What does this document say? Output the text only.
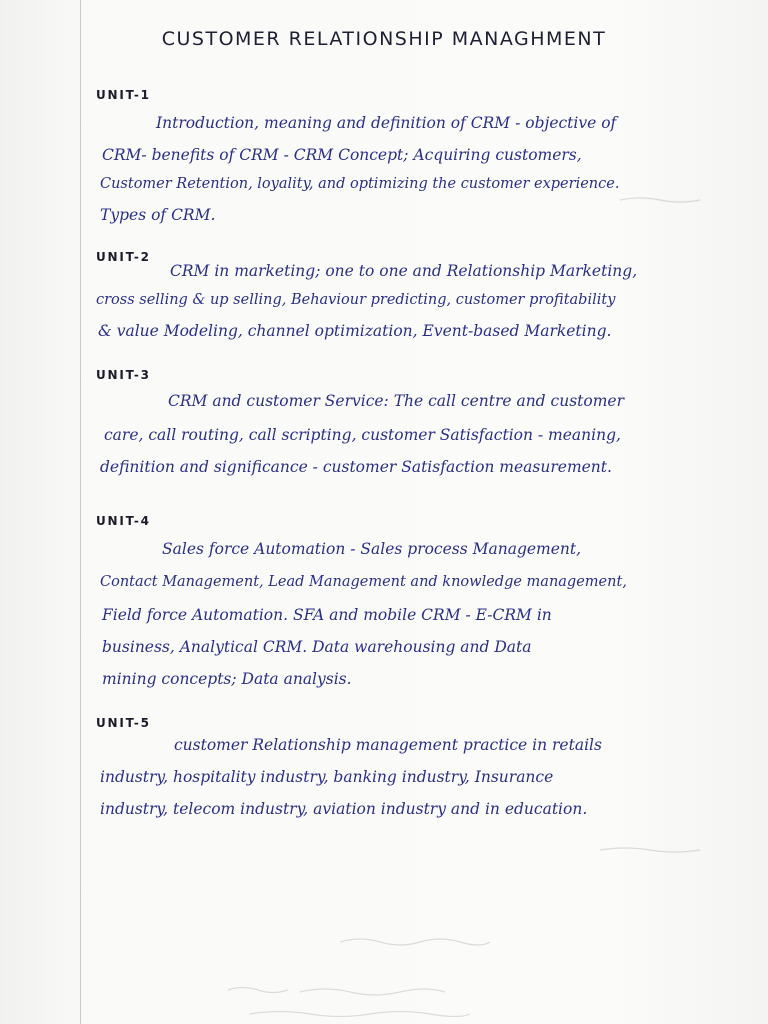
CUSTOMER RELATIONSHIP MANAGHMENT
UNIT-1
Introduction, meaning and definition of CRM - objective of
CRM- benefits of CRM - CRM Concept; Acquiring customers,
Customer Retention, loyality, and optimizing the customer experience.
Types of CRM.
UNIT-2
CRM in marketing; one to one and Relationship Marketing,
cross selling & up selling, Behaviour predicting, customer profitability
& value Modeling, channel optimization, Event-based Marketing.
UNIT-3
CRM and customer Service: The call centre and customer
care, call routing, call scripting, customer Satisfaction - meaning,
definition and significance - customer Satisfaction measurement.
UNIT-4
Sales force Automation - Sales process Management,
Contact Management, Lead Management and knowledge management,
Field force Automation. SFA and mobile CRM - E-CRM in
business, Analytical CRM. Data warehousing and Data
mining concepts; Data analysis.
UNIT-5
customer Relationship management practice in retails
industry, hospitality industry, banking industry, Insurance
industry, telecom industry, aviation industry and in education.
